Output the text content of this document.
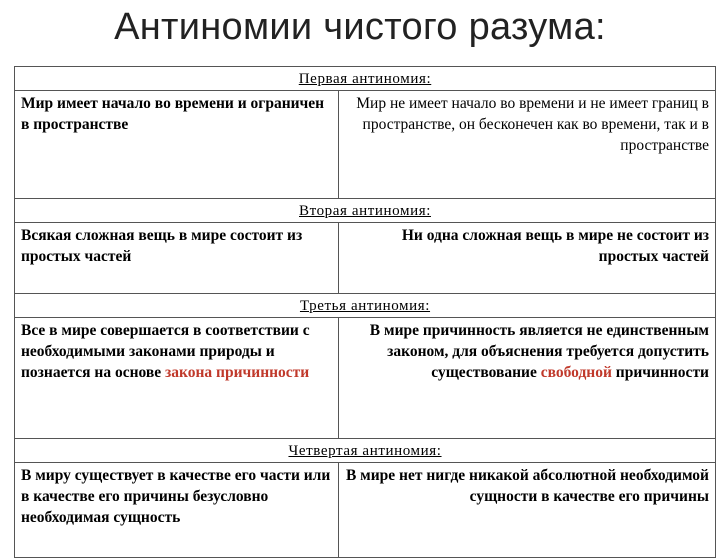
Антиномии чистого разума:
Первая антиномия:
Мир имеет начало во времени и ограничен в пространстве
Мир не имеет начало во времени и не имеет границ в пространстве, он бесконечен как во времени, так и в пространстве
Вторая антиномия:
Всякая сложная вещь в мире состоит из простых частей
Ни одна сложная вещь в мире не состоит из простых частей
Третья антиномия:
Все в мире совершается в соответствии с необходимыми законами природы и познается на основе закона причинности
В мире причинность является не единственным законом, для объяснения требуется допустить существование свободной причинности
Четвертая антиномия:
В миру существует в качестве его части или в качестве его причины безусловно необходимая сущность
В мире нет нигде никакой абсолютной необходимой сущности в качестве его причины
